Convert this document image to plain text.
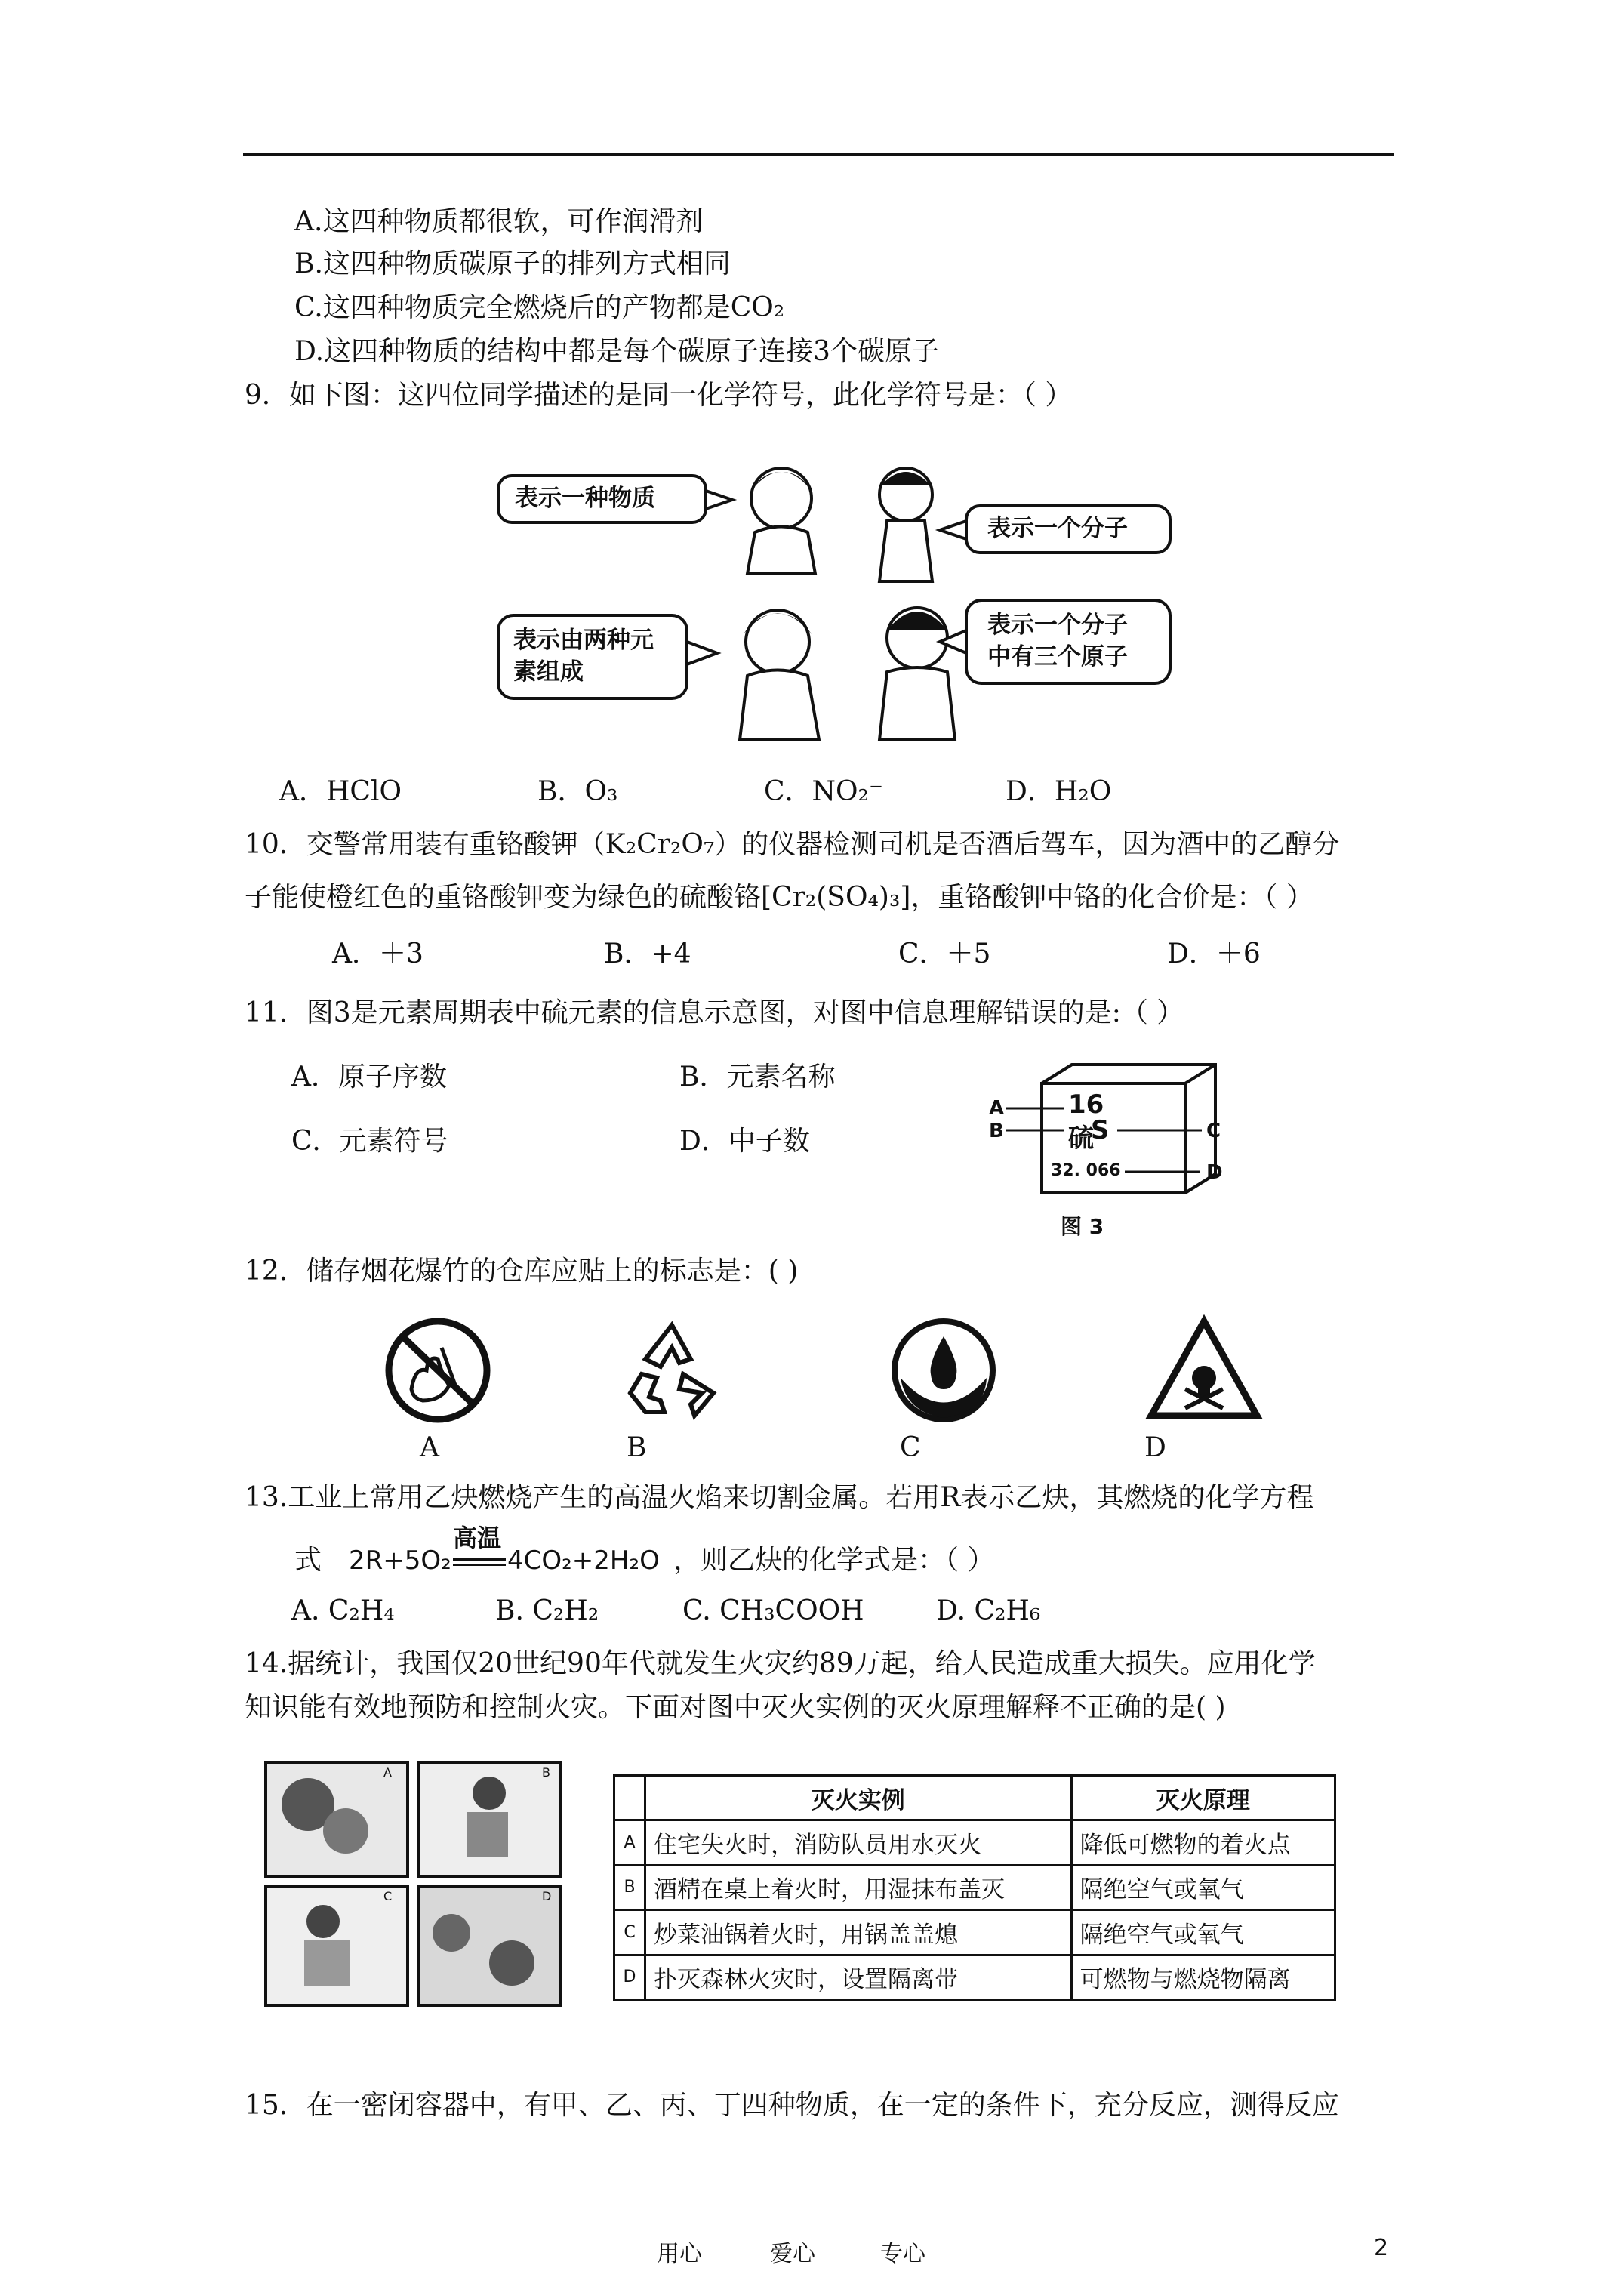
A.这四种物质都很软，可作润滑剂
B.这四种物质碳原子的排列方式相同
C.这四种物质完全燃烧后的产物都是CO₂
D.这四种物质的结构中都是每个碳原子连接3个碳原子
9．如下图：这四位同学描述的是同一化学符号，此化学符号是：（ ）
表示一种物质
表示一个分子
表示由两种元
素组成
表示一个分子
中有三个原子
A．HClO	B．O₃	C．NO₂⁻	D．H₂O
10．交警常用装有重铬酸钾（K₂Cr₂O₇）的仪器检测司机是否酒后驾车，因为酒中的乙醇分
子能使橙红色的重铬酸钾变为绿色的硫酸铬[Cr₂(SO₄)₃]，重铬酸钾中铬的化合价是：（ ）
A．＋3	B．+4	C．＋5	D．＋6
11．图3是元素周期表中硫元素的信息示意图，对图中信息理解错误的是:（ ）
A．原子序数	B．元素名称
C．元素符号	D．中子数
16
硫
S
32. 066
A
B	C
D
图 3
12．储存烟花爆竹的仓库应贴上的标志是：( )
A	B	C	D
13.工业上常用乙炔燃烧产生的高温火焰来切割金属。若用R表示乙炔，其燃烧的化学方程
式 2R+5O₂
高温
4CO₂+2H₂O ，则乙炔的化学式是：（ ）
A. C₂H₄	B. C₂H₂	C. CH₃COOH	D. C₂H₆
14.据统计，我国仅20世纪90年代就发生火灾约89万起，给人民造成重大损失。应用化学
知识能有效地预防和控制火灾。下面对图中灭火实例的灭火原理解释不正确的是( )
A	B
C	D
	灭火实例	灭火原理
A	住宅失火时，消防队员用水灭火	降低可燃物的着火点
B	酒精在桌上着火时，用湿抹布盖灭	隔绝空气或氧气
C	炒菜油锅着火时，用锅盖盖熄	隔绝空气或氧气
D	扑灭森林火灾时，设置隔离带	可燃物与燃烧物隔离
15．在一密闭容器中，有甲、乙、丙、丁四种物质，在一定的条件下，充分反应，测得反应
用心	爱心	专心	2
